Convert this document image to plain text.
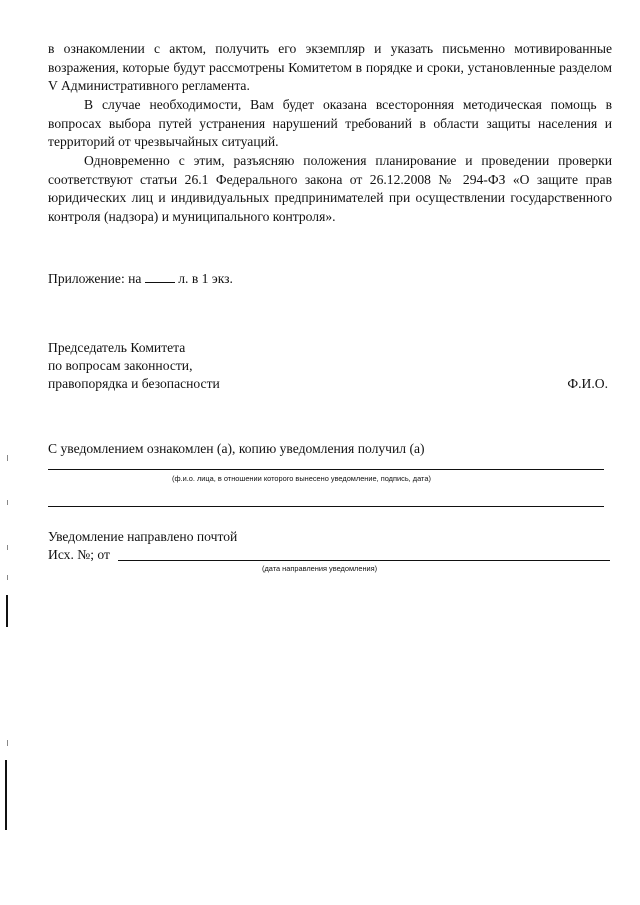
в ознакомлении с актом, получить его экземпляр и указать письменно мотивированные возражения, которые будут рассмотрены Комитетом в порядке и сроки, установленные разделом V Административного регламента.

В случае необходимости, Вам будет оказана всесторонняя методическая помощь в вопросах выбора путей устранения нарушений требований в области защиты населения и территорий от чрезвычайных ситуаций.

Одновременно с этим, разъясняю положения планирование и проведении проверки соответствуют статьи 26.1 Федерального закона от 26.12.2008 № 294-ФЗ «О защите прав юридических лиц и индивидуальных предпринимателей при осуществлении государственного контроля (надзора) и муниципального контроля».

Приложение: на	л. в 1 экз.
Председатель Комитета
по вопросам законности,
правопорядка и безопасности	Ф.И.О.
С уведомлением ознакомлен (а), копию уведомления получил (а)
(ф.и.о. лица, в отношении которого вынесено уведомление, подпись, дата)
Уведомление направлено почтой
Исх. №; от
(дата направления уведомления)
